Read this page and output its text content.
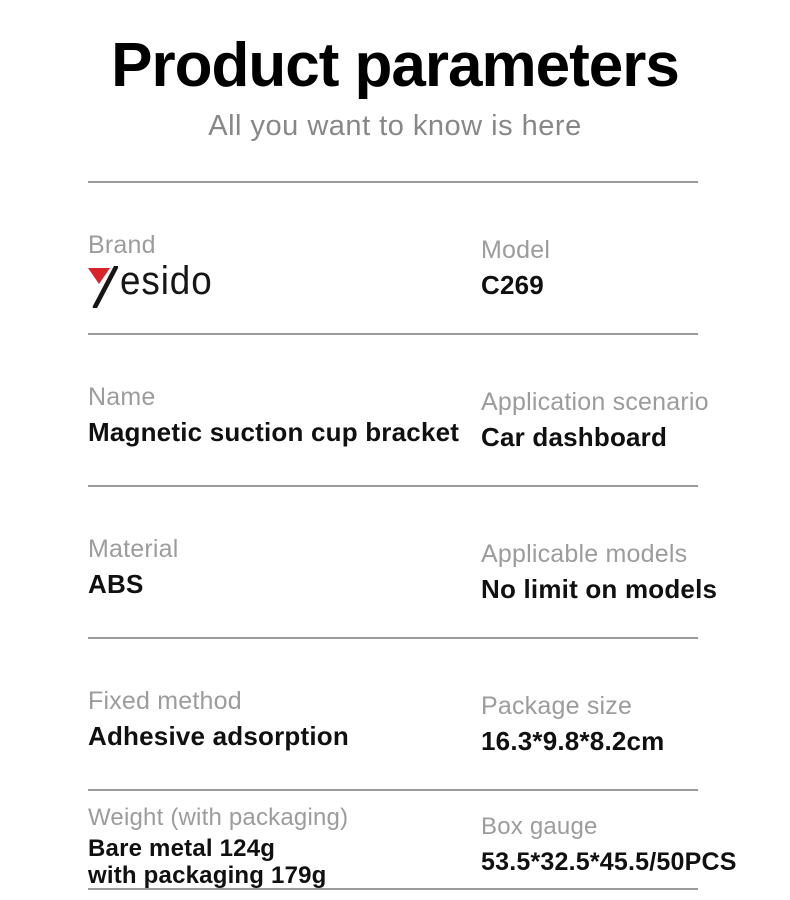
Product parameters
All you want to know is here
Brand
esido
Model
C269
Name
Magnetic suction cup bracket
Application scenario
Car dashboard
Material
ABS
Applicable models
No limit on models
Fixed method
Adhesive adsorption
Package size
16.3*9.8*8.2cm
Weight (with packaging)
Bare metal 124g
with packaging 179g
Box gauge
53.5*32.5*45.5/50PCS
